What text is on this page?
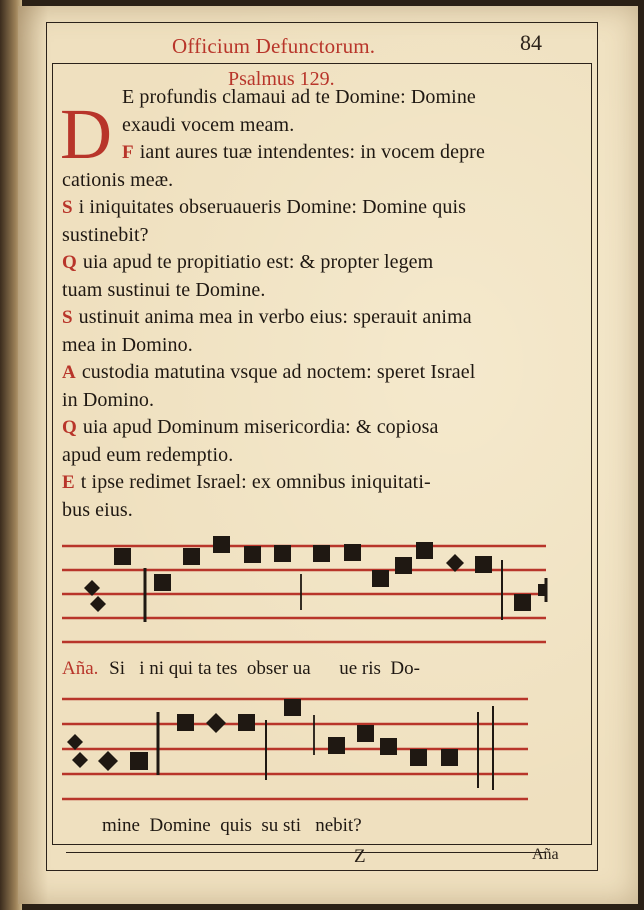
Officium Defunctorum.	84
Psalmus 129.
D E profundis clamaui ad te Domine: Domine
exaudi vocem meam.
F iant aures tuæ intendentes: in vocem depre
cationis meæ.
S i iniquitates obseruaueris Domine: Domine quis
sustinebit?
Q uia apud te propitiatio est: & propter legem
tuam sustinui te Domine.
S ustinuit anima mea in verbo eius: sperauit anima
mea in Domino.
A custodia matutina vsque ad noctem: speret Israel
in Domino.
Q uia apud Dominum misericordia: & copiosa
apud eum redemptio.
E t ipse redimet Israel: ex omnibus iniquitati-
bus eius.
Aña. Si   i ni qui ta tes  obser ua      ue ris  Do-
mine  Domine  quis  su sti   nebit?
Z	Aña
